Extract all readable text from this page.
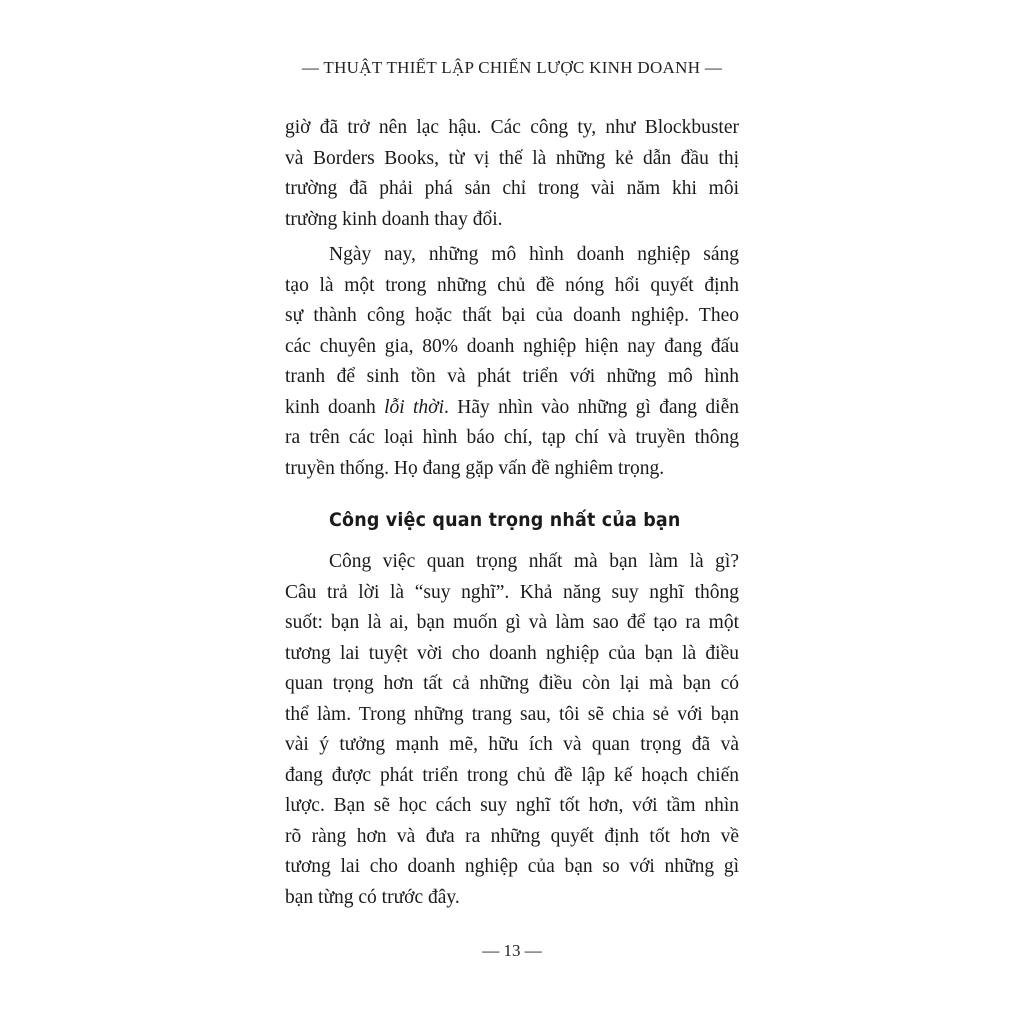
— THUẬT THIẾT LẬP CHIẾN LƯỢC KINH DOANH —
giờ đã trở nên lạc hậu. Các công ty, như Blockbuster
và Borders Books, từ vị thế là những kẻ dẫn đầu thị
trường đã phải phá sản chỉ trong vài năm khi môi
trường kinh doanh thay đổi.
Ngày nay, những mô hình doanh nghiệp sáng
tạo là một trong những chủ đề nóng hổi quyết định
sự thành công hoặc thất bại của doanh nghiệp. Theo
các chuyên gia, 80% doanh nghiệp hiện nay đang đấu
tranh để sinh tồn và phát triển với những mô hình
kinh doanh lỗi thời. Hãy nhìn vào những gì đang diễn
ra trên các loại hình báo chí, tạp chí và truyền thông
truyền thống. Họ đang gặp vấn đề nghiêm trọng.
Công việc quan trọng nhất của bạn
Công việc quan trọng nhất mà bạn làm là gì?
Câu trả lời là “suy nghĩ”. Khả năng suy nghĩ thông
suốt: bạn là ai, bạn muốn gì và làm sao để tạo ra một
tương lai tuyệt vời cho doanh nghiệp của bạn là điều
quan trọng hơn tất cả những điều còn lại mà bạn có
thể làm. Trong những trang sau, tôi sẽ chia sẻ với bạn
vài ý tưởng mạnh mẽ, hữu ích và quan trọng đã và
đang được phát triển trong chủ đề lập kế hoạch chiến
lược. Bạn sẽ học cách suy nghĩ tốt hơn, với tầm nhìn
rõ ràng hơn và đưa ra những quyết định tốt hơn về
tương lai cho doanh nghiệp của bạn so với những gì
bạn từng có trước đây.
— 13 —
